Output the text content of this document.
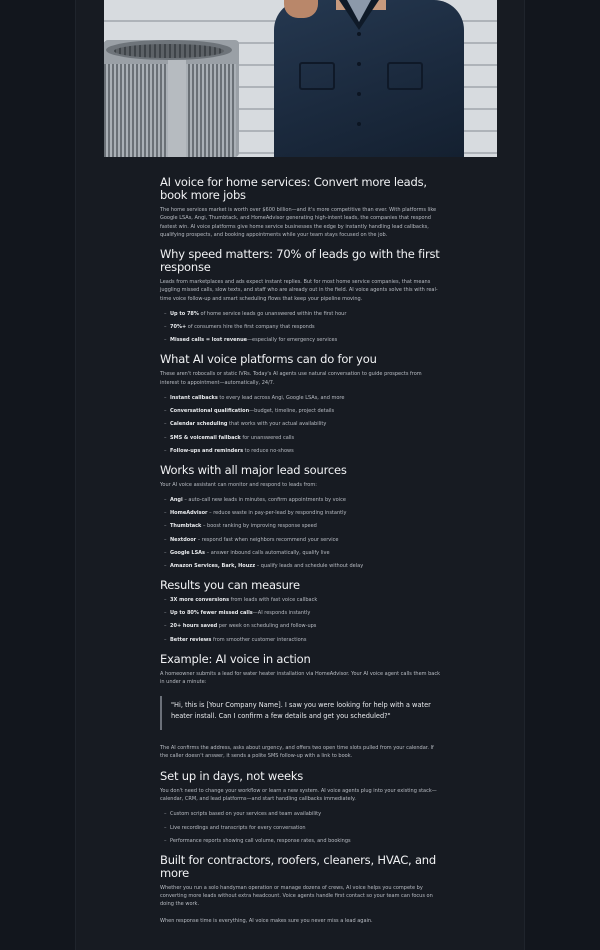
AI voice for home services: Convert more leads, book more jobs

The home services market is worth over $600 billion—and it's more competitive than ever. With platforms like Google LSAs, Angi, Thumbtack, and HomeAdvisor generating high-intent leads, the companies that respond fastest win. AI voice platforms give home service businesses the edge by instantly handling lead callbacks, qualifying prospects, and booking appointments while your team stays focused on the job.

Why speed matters: 70% of leads go with the first response

Leads from marketplaces and ads expect instant replies. But for most home service companies, that means juggling missed calls, slow texts, and staff who are already out in the field. AI voice agents solve this with real-time voice follow-up and smart scheduling flows that keep your pipeline moving.

– Up to 78% of home service leads go unanswered within the first hour
– 70%+ of consumers hire the first company that responds
– Missed calls = lost revenue—especially for emergency services
What AI voice platforms can do for you

These aren't robocalls or static IVRs. Today's AI agents use natural conversation to guide prospects from interest to appointment—automatically, 24/7.

– Instant callbacks to every lead across Angi, Google LSAs, and more
– Conversational qualification—budget, timeline, project details
– Calendar scheduling that works with your actual availability
– SMS & voicemail fallback for unanswered calls
– Follow-ups and reminders to reduce no-shows
Works with all major lead sources

Your AI voice assistant can monitor and respond to leads from:

– Angi – auto-call new leads in minutes, confirm appointments by voice
– HomeAdvisor – reduce waste in pay-per-lead by responding instantly
– Thumbtack – boost ranking by improving response speed
– Nextdoor – respond fast when neighbors recommend your service
– Google LSAs – answer inbound calls automatically, qualify live
– Amazon Services, Bark, Houzz – qualify leads and schedule without delay
Results you can measure
– 3X more conversions from leads with fast voice callback
– Up to 80% fewer missed calls—AI responds instantly
– 20+ hours saved per week on scheduling and follow-ups
– Better reviews from smoother customer interactions
Example: AI voice in action

A homeowner submits a lead for water heater installation via HomeAdvisor. Your AI voice agent calls them back in under a minute:

"Hi, this is [Your Company Name]. I saw you were looking for help with a water heater install. Can I confirm a few details and get you scheduled?"

The AI confirms the address, asks about urgency, and offers two open time slots pulled from your calendar. If the caller doesn't answer, it sends a polite SMS follow-up with a link to book.

Set up in days, not weeks

You don't need to change your workflow or learn a new system. AI voice agents plug into your existing stack—calendar, CRM, and lead platforms—and start handling callbacks immediately.

– Custom scripts based on your services and team availability
– Live recordings and transcripts for every conversation
– Performance reports showing call volume, response rates, and bookings
Built for contractors, roofers, cleaners, HVAC, and more

Whether you run a solo handyman operation or manage dozens of crews, AI voice helps you compete by converting more leads without extra headcount. Voice agents handle first contact so your team can focus on doing the work.

When response time is everything, AI voice makes sure you never miss a lead again.
